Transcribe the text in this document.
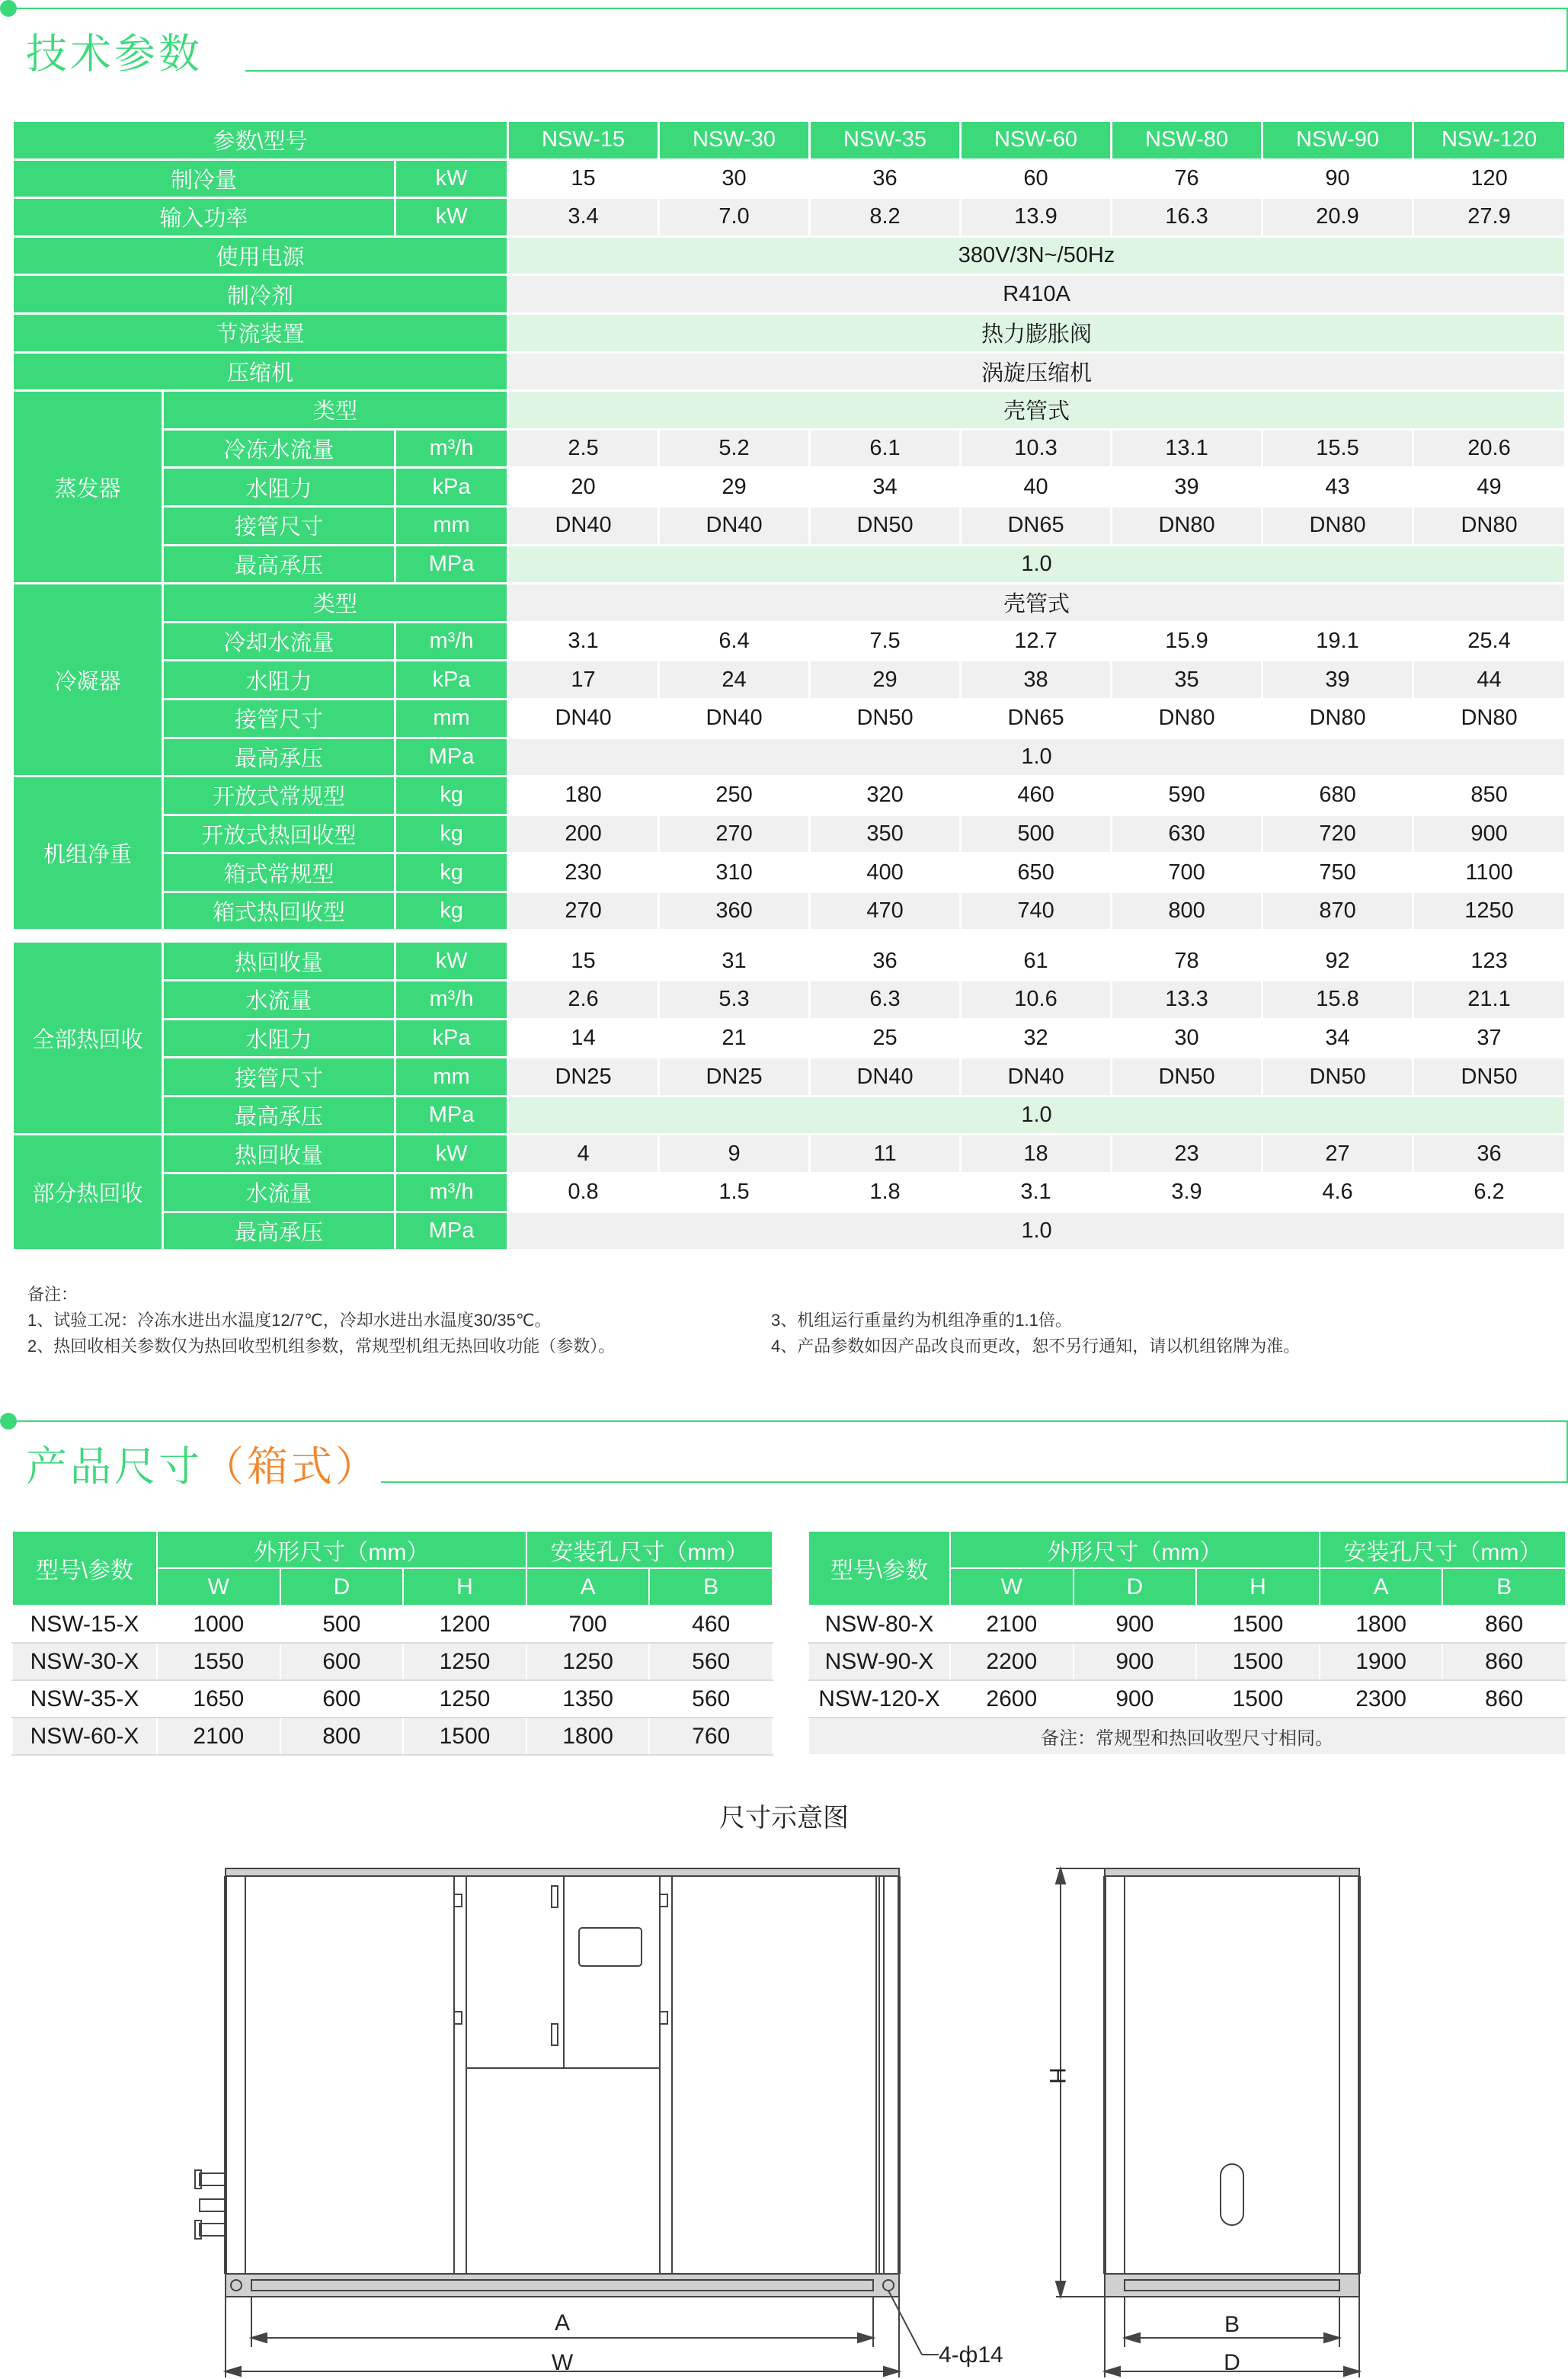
技术参数
参数\型号			NSW-15	NSW-30	NSW-35	NSW-60	NSW-80	NSW-90	NSW-120
制冷量		kW	15	30	36	60	76	90	120
输入功率		kW	3.4	7.0	8.2	13.9	16.3	20.9	27.9
使用电源			380V/3N~/50Hz						
制冷剂			R410A						
节流装置			热力膨胀阀						
压缩机			涡旋压缩机						
蒸发器	类型		壳管式						
	冷冻水流量	m³/h	2.5	5.2	6.1	10.3	13.1	15.5	20.6
	水阻力	kPa	20	29	34	40	39	43	49
	接管尺寸	mm	DN40	DN40	DN50	DN65	DN80	DN80	DN80
	最高承压	MPa	1.0						
冷凝器	类型		壳管式						
	冷却水流量	m³/h	3.1	6.4	7.5	12.7	15.9	19.1	25.4
	水阻力	kPa	17	24	29	38	35	39	44
	接管尺寸	mm	DN40	DN40	DN50	DN65	DN80	DN80	DN80
	最高承压	MPa	1.0						
机组净重	开放式常规型	kg	180	250	320	460	590	680	850
	开放式热回收型	kg	200	270	350	500	630	720	900
	箱式常规型	kg	230	310	400	650	700	750	1100
	箱式热回收型	kg	270	360	470	740	800	870	1250

全部热回收	热回收量	kW	15	31	36	61	78	92	123
	水流量	m³/h	2.6	5.3	6.3	10.6	13.3	15.8	21.1
	水阻力	kPa	14	21	25	32	30	34	37
	接管尺寸	mm	DN25	DN25	DN40	DN40	DN50	DN50	DN50
	最高承压	MPa	1.0						
部分热回收	热回收量	kW	4	9	11	18	23	27	36
	水流量	m³/h	0.8	1.5	1.8	3.1	3.9	4.6	6.2
	最高承压	MPa	1.0						
备注：
1、试验工况：冷冻水进出水温度12/7℃，冷却水进出水温度30/35℃。
2、热回收相关参数仅为热回收型机组参数，常规型机组无热回收功能（参数）。
3、机组运行重量约为机组净重的1.1倍。
4、产品参数如因产品改良而更改，恕不另行通知，请以机组铭牌为准。
产品尺寸（箱式）
型号\参数	外形尺寸（mm）			安装孔尺寸（mm）	
	W	D	H	A	B
NSW-15-X	1000	500	1200	700	460
NSW-30-X	1550	600	1250	1250	560
NSW-35-X	1650	600	1250	1350	560
NSW-60-X	2100	800	1500	1800	760
型号\参数	外形尺寸（mm）			安装孔尺寸（mm）	
	W	D	H	A	B
NSW-80-X	2100	900	1500	1800	860
NSW-90-X	2200	900	1500	1900	860
NSW-120-X	2600	900	1500	2300	860
备注：常规型和热回收型尺寸相同。					
尺寸示意图
A
W	4-ф14
B
D
H
